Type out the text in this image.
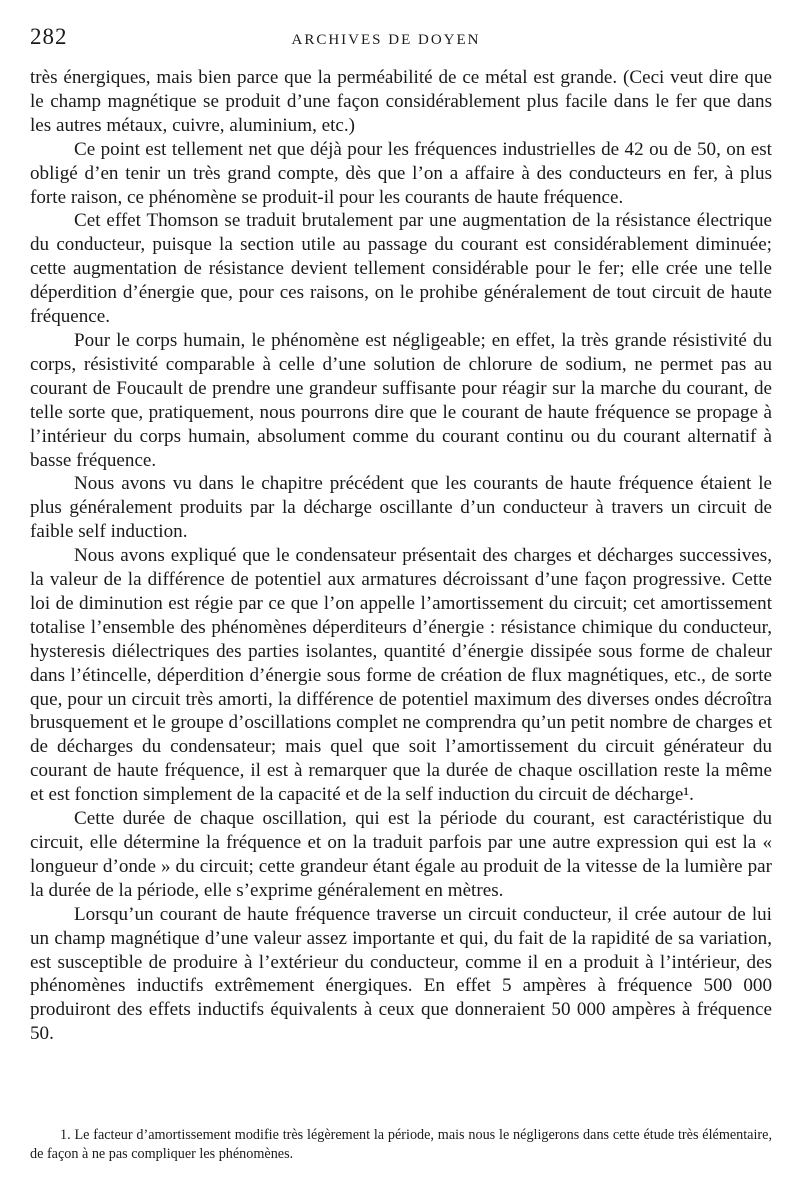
282	ARCHIVES DE DOYEN

très énergiques, mais bien parce que la perméabilité de ce métal est grande. (Ceci veut dire que le champ magnétique se produit d’une façon considérablement plus facile dans le fer que dans les autres métaux, cuivre, aluminium, etc.)

Ce point est tellement net que déjà pour les fréquences industrielles de 42 ou de 50, on est obligé d’en tenir un très grand compte, dès que l’on a affaire à des conducteurs en fer, à plus forte raison, ce phénomène se produit-il pour les courants de haute fréquence.

Cet effet Thomson se traduit brutalement par une augmentation de la résistance électrique du conducteur, puisque la section utile au passage du courant est considérablement diminuée; cette augmentation de résistance devient tellement considérable pour le fer; elle crée une telle déperdition d’énergie que, pour ces raisons, on le prohibe généralement de tout circuit de haute fréquence.

Pour le corps humain, le phénomène est négligeable; en effet, la très grande résistivité du corps, résistivité comparable à celle d’une solution de chlorure de sodium, ne permet pas au courant de Foucault de prendre une grandeur suffisante pour réagir sur la marche du courant, de telle sorte que, pratiquement, nous pourrons dire que le courant de haute fréquence se propage à l’intérieur du corps humain, absolument comme du courant continu ou du courant alternatif à basse fréquence.

Nous avons vu dans le chapitre précédent que les courants de haute fréquence étaient le plus généralement produits par la décharge oscillante d’un conducteur à travers un circuit de faible self induction.

Nous avons expliqué que le condensateur présentait des charges et décharges successives, la valeur de la différence de potentiel aux armatures décroissant d’une façon progressive. Cette loi de diminution est régie par ce que l’on appelle l’amortissement du circuit; cet amortissement totalise l’ensemble des phénomènes déperditeurs d’énergie : résistance chimique du conducteur, hysteresis diélectriques des parties isolantes, quantité d’énergie dissipée sous forme de chaleur dans l’étincelle, déperdition d’énergie sous forme de création de flux magnétiques, etc., de sorte que, pour un circuit très amorti, la différence de potentiel maximum des diverses ondes décroîtra brusquement et le groupe d’oscillations complet ne comprendra qu’un petit nombre de charges et de décharges du condensateur; mais quel que soit l’amortissement du circuit générateur du courant de haute fréquence, il est à remarquer que la durée de chaque oscillation reste la même et est fonction simplement de la capacité et de la self induction du circuit de décharge¹.

Cette durée de chaque oscillation, qui est la période du courant, est caractéristique du circuit, elle détermine la fréquence et on la traduit parfois par une autre expression qui est la « longueur d’onde » du circuit; cette grandeur étant égale au produit de la vitesse de la lumière par la durée de la période, elle s’exprime généralement en mètres.

Lorsqu’un courant de haute fréquence traverse un circuit conducteur, il crée autour de lui un champ magnétique d’une valeur assez importante et qui, du fait de la rapidité de sa variation, est susceptible de produire à l’extérieur du conducteur, comme il en a produit à l’intérieur, des phénomènes inductifs extrêmement énergiques. En effet 5 ampères à fréquence 500 000 produiront des effets inductifs équivalents à ceux que donneraient 50 000 ampères à fréquence 50.

1. Le facteur d’amortissement modifie très légèrement la période, mais nous le négligerons dans cette étude très élémentaire, de façon à ne pas compliquer les phénomènes.
